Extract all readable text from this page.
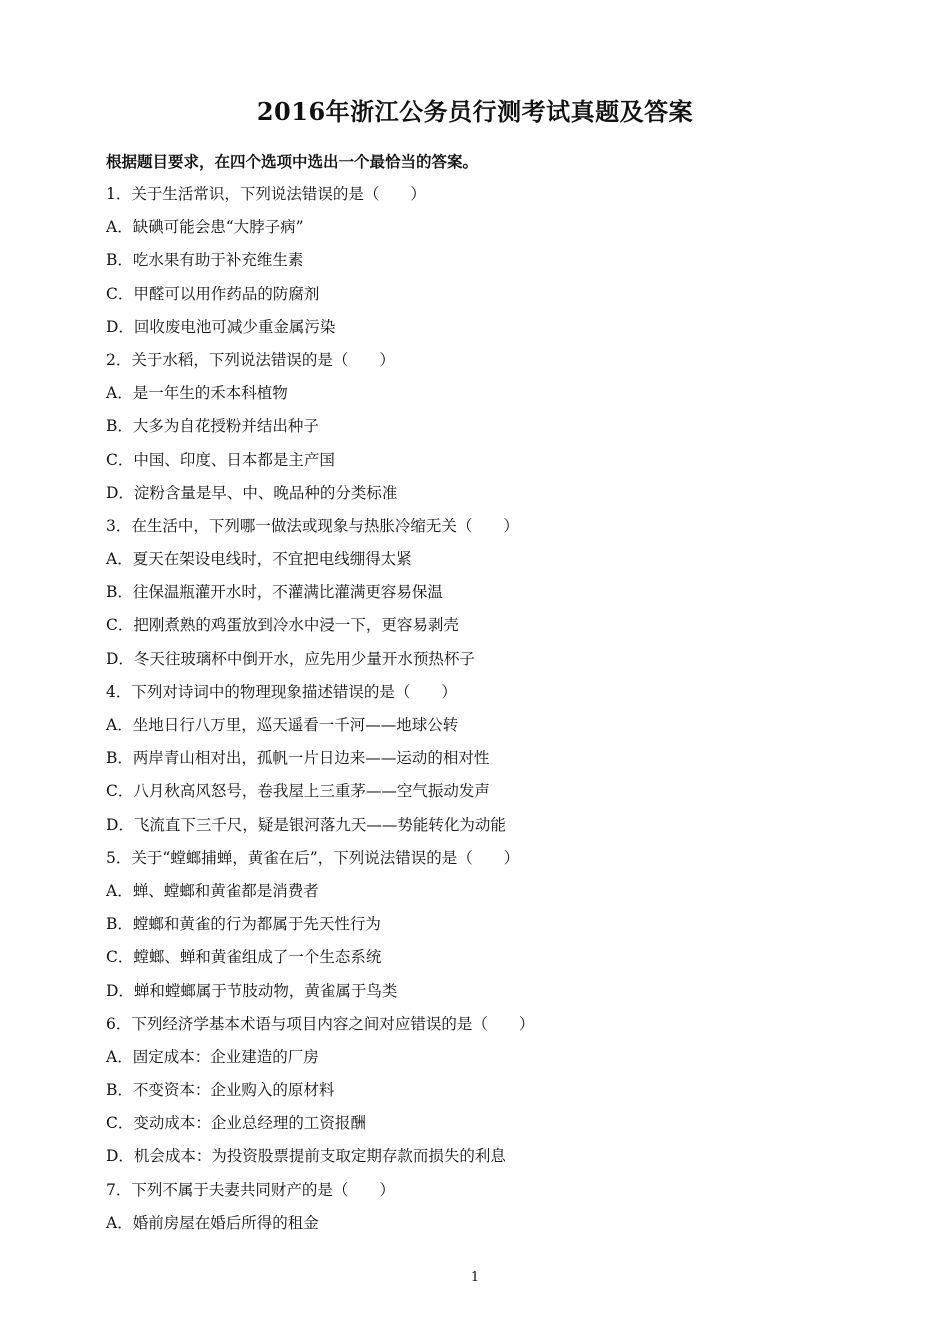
2016年浙江公务员行测考试真题及答案
根据题目要求，在四个选项中选出一个最恰当的答案。
1．关于生活常识，下列说法错误的是（　　）
A．缺碘可能会患“大脖子病”
B．吃水果有助于补充维生素
C．甲醛可以用作药品的防腐剂
D．回收废电池可减少重金属污染
2．关于水稻，下列说法错误的是（　　）
A．是一年生的禾本科植物
B．大多为自花授粉并结出种子
C．中国、印度、日本都是主产国
D．淀粉含量是早、中、晚品种的分类标准
3．在生活中，下列哪一做法或现象与热胀冷缩无关（　　）
A．夏天在架设电线时，不宜把电线绷得太紧
B．往保温瓶灌开水时，不灌满比灌满更容易保温
C．把刚煮熟的鸡蛋放到冷水中浸一下，更容易剥壳
D．冬天往玻璃杯中倒开水，应先用少量开水预热杯子
4．下列对诗词中的物理现象描述错误的是（　　）
A．坐地日行八万里，巡天遥看一千河——地球公转
B．两岸青山相对出，孤帆一片日边来——运动的相对性
C．八月秋高风怒号，卷我屋上三重茅——空气振动发声
D．飞流直下三千尺，疑是银河落九天——势能转化为动能
5．关于“螳螂捕蝉，黄雀在后”，下列说法错误的是（　　）
A．蝉、螳螂和黄雀都是消费者
B．螳螂和黄雀的行为都属于先天性行为
C．螳螂、蝉和黄雀组成了一个生态系统
D．蝉和螳螂属于节肢动物，黄雀属于鸟类
6．下列经济学基本术语与项目内容之间对应错误的是（　　）
A．固定成本：企业建造的厂房
B．不变资本：企业购入的原材料
C．变动成本：企业总经理的工资报酬
D．机会成本：为投资股票提前支取定期存款而损失的利息
7．下列不属于夫妻共同财产的是（　　）
A．婚前房屋在婚后所得的租金
1
